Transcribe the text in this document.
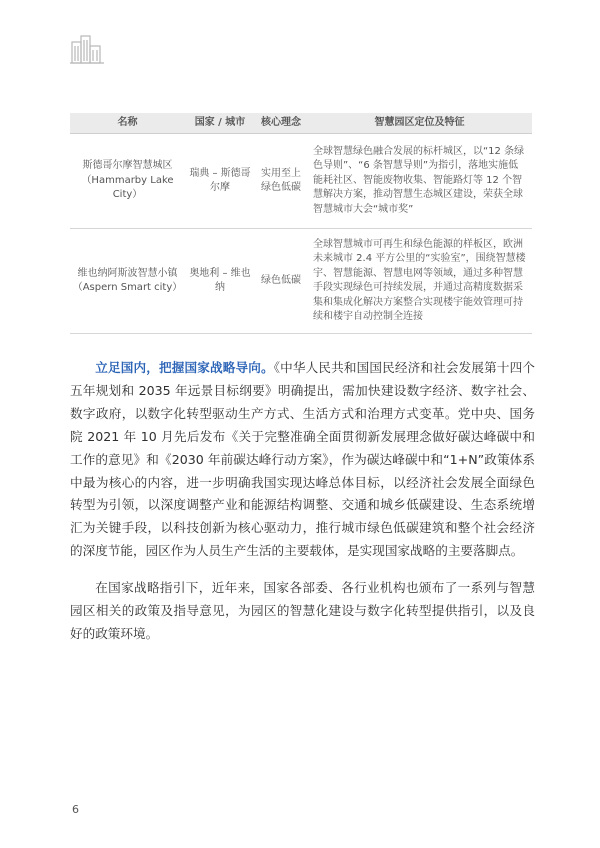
名称	国家 / 城市	核心理念	智慧园区定位及特征

斯德哥尔摩智慧城区
（Hammarby Lake City）	瑞典 – 斯德哥尔摩	实用至上 绿色低碳	全球智慧绿色融合发展的标杆城区，以“12 条绿色导则”、“6 条智慧导则”为指引，落地实施低能耗社区、智能废物收集、智能路灯等 12 个智慧解决方案，推动智慧生态城区建设，荣获全球智慧城市大会“城市奖”

维也纳阿斯波智慧小镇
（Aspern Smart city）	奥地利 – 维也纳	绿色低碳	全球智慧城市可再生和绿色能源的样板区，欧洲未来城市 2.4 平方公里的“实验室”，围绕智慧楼宇、智慧能源、智慧电网等领域，通过多种智慧手段实现绿色可持续发展，并通过高精度数据采集和集成化解决方案整合实现楼宇能效管理可持续和楼宇自动控制全连接

立足国内，把握国家战略导向。《中华人民共和国国民经济和社会发展第十四个五年规划和 2035 年远景目标纲要》明确提出，需加快建设数字经济、数字社会、数字政府，以数字化转型驱动生产方式、生活方式和治理方式变革。党中央、国务院 2021 年 10 月先后发布《关于完整准确全面贯彻新发展理念做好碳达峰碳中和工作的意见》和《2030 年前碳达峰行动方案》，作为碳达峰碳中和“1+N”政策体系中最为核心的内容，进一步明确我国实现达峰总体目标，以经济社会发展全面绿色转型为引领，以深度调整产业和能源结构调整、交通和城乡低碳建设、生态系统增汇为关键手段，以科技创新为核心驱动力，推行城市绿色低碳建筑和整个社会经济的深度节能，园区作为人员生产生活的主要载体，是实现国家战略的主要落脚点。

在国家战略指引下，近年来，国家各部委、各行业机构也颁布了一系列与智慧园区相关的政策及指导意见，为园区的智慧化建设与数字化转型提供指引，以及良好的政策环境。

6
